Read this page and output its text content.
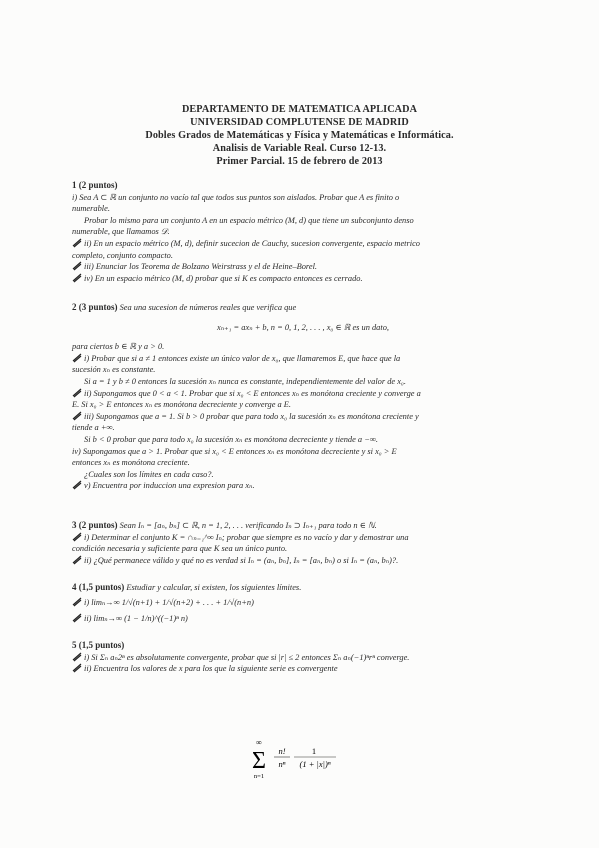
DEPARTAMENTO DE MATEMATICA APLICADA
UNIVERSIDAD COMPLUTENSE DE MADRID
Dobles Grados de Matemáticas y Física y Matemáticas e Informática.
Analisis de Variable Real. Curso 12-13.
Primer Parcial. 15 de febrero de 2013

1 (2 puntos)

i) Sea A ⊂ ℝ un conjunto no vacío tal que todos sus puntos son aislados. Probar que A es finito o

numerable.

Probar lo mismo para un conjunto A en un espacio métrico (M, d) que tiene un subconjunto denso

numerable, que llamamos 𝒟.

ii) En un espacio métrico (M, d), definir sucecion de Cauchy, sucesion convergente, espacio metrico

completo, conjunto compacto.

iii) Enunciar los Teorema de Bolzano Weirstrass y el de Heine–Borel.

iv) En un espacio métrico (M, d) probar que si K es compacto entonces es cerrado.

2 (3 puntos) Sea una sucesion de números reales que verifica que

xₙ₊₁ = axₙ + b, n = 0, 1, 2, . . . , x₀ ∈ ℝ es un dato,

para ciertos b ∈ ℝ y a > 0.

i) Probar que si a ≠ 1 entonces existe un único valor de x₀, que llamaremos E, que hace que la

sucesión xₙ es constante.

Si a = 1 y b ≠ 0 entonces la sucesión xₙ nunca es constante, independientemente del valor de x₀.

ii) Supongamos que 0 < a < 1. Probar que si x₀ < E entonces xₙ es monótona creciente y converge a

E. Si x₀ > E entonces xₙ es monótona decreciente y converge a E.

iii) Supongamos que a = 1. Si b > 0 probar que para todo x₀ la sucesión xₙ es monótona creciente y

tiende a +∞.

Si b < 0 probar que para todo x₀ la sucesión xₙ es monótona decreciente y tiende a −∞.

iv) Supongamos que a > 1. Probar que si x₀ < E entonces xₙ es monótona decreciente y si x₀ > E

entonces xₙ es monótona creciente.

¿Cuales son los límites en cada caso?.

v) Encuentra por induccion una expresion para xₙ.

3 (2 puntos) Sean Iₙ = [aₙ, bₙ] ⊂ ℝ, n = 1, 2, . . . verificando Iₙ ⊃ Iₙ₊₁ para todo n ∈ ℕ.

i) Determinar el conjunto K = ∩ₙ₌₁^∞ Iₙ; probar que siempre es no vacío y dar y demostrar una

condición necesaria y suficiente para que K sea un único punto.

ii) ¿Qué permanece válido y qué no es verdad si Iₙ = (aₙ, bₙ], Iₙ = [aₙ, bₙ) o si Iₙ = (aₙ, bₙ)?.

4 (1,5 puntos) Estudiar y calcular, si existen, los siguientes límites.

i) limₙ→∞ 1/√(n+1) + 1/√(n+2) + . . . + 1/√(n+n)

ii) limₙ→∞ (1 − 1/n)^((−1)ⁿ n)

5 (1,5 puntos)

i) Si Σₙ aₙ2ⁿ es absolutamente convergente, probar que si |r| ≤ 2 entonces Σₙ aₙ(−1)ⁿrⁿ converge.

ii) Encuentra los valores de x para los que la siguiente serie es convergente

∞
Σ
n=1
n!
nⁿ
1
(1 + |x|)ⁿ
